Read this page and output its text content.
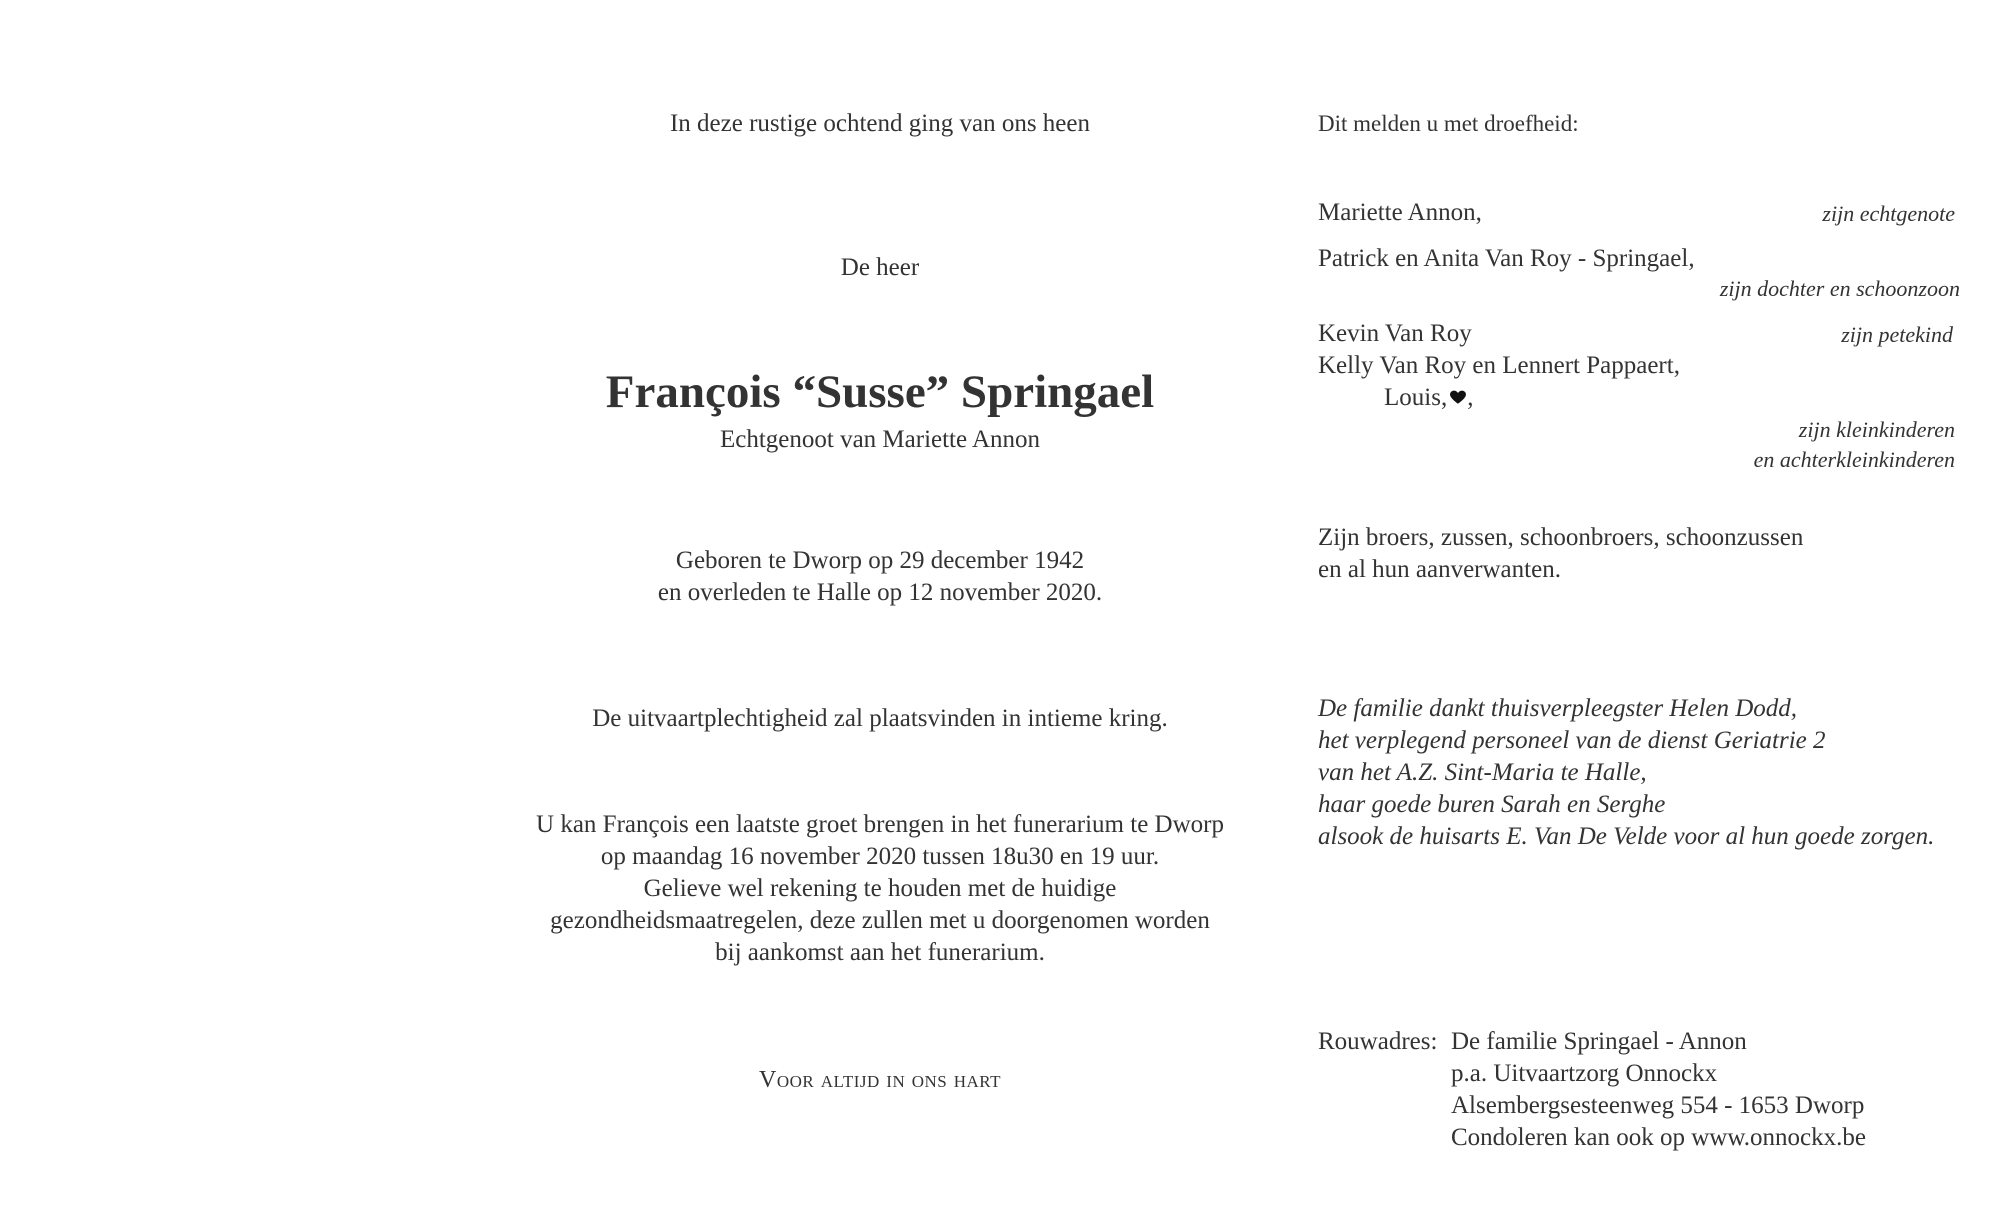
In deze rustige ochtend ging van ons heen
De heer
François “Susse” Springael
Echtgenoot van Mariette Annon
Geboren te Dworp op 29 december 1942
en overleden te Halle op 12 november 2020.
De uitvaartplechtigheid zal plaatsvinden in intieme kring.
U kan François een laatste groet brengen in het funerarium te Dworp
op maandag 16 november 2020 tussen 18u30 en 19 uur.
Gelieve wel rekening te houden met de huidige
gezondheidsmaatregelen, deze zullen met u doorgenomen worden
bij aankomst aan het funerarium.
Voor altijd in ons hart
Dit melden u met droefheid:
Mariette Annon,	zijn echtgenote
Patrick en Anita Van Roy - Springael,
zijn dochter en schoonzoon
Kevin Van Roy	zijn petekind
Kelly Van Roy en Lennert Pappaert,
Louis, ,
zijn kleinkinderen
en achterkleinkinderen
Zijn broers, zussen, schoonbroers, schoonzussen
en al hun aanverwanten.
De familie dankt thuisverpleegster Helen Dodd,
het verplegend personeel van de dienst Geriatrie 2
van het A.Z. Sint-Maria te Halle,
haar goede buren Sarah en Serghe
alsook de huisarts E. Van De Velde voor al hun goede zorgen.
Rouwadres: De familie Springael - Annon
p.a. Uitvaartzorg Onnockx
Alsembergsesteenweg 554 - 1653 Dworp
Condoleren kan ook op www.onnockx.be
